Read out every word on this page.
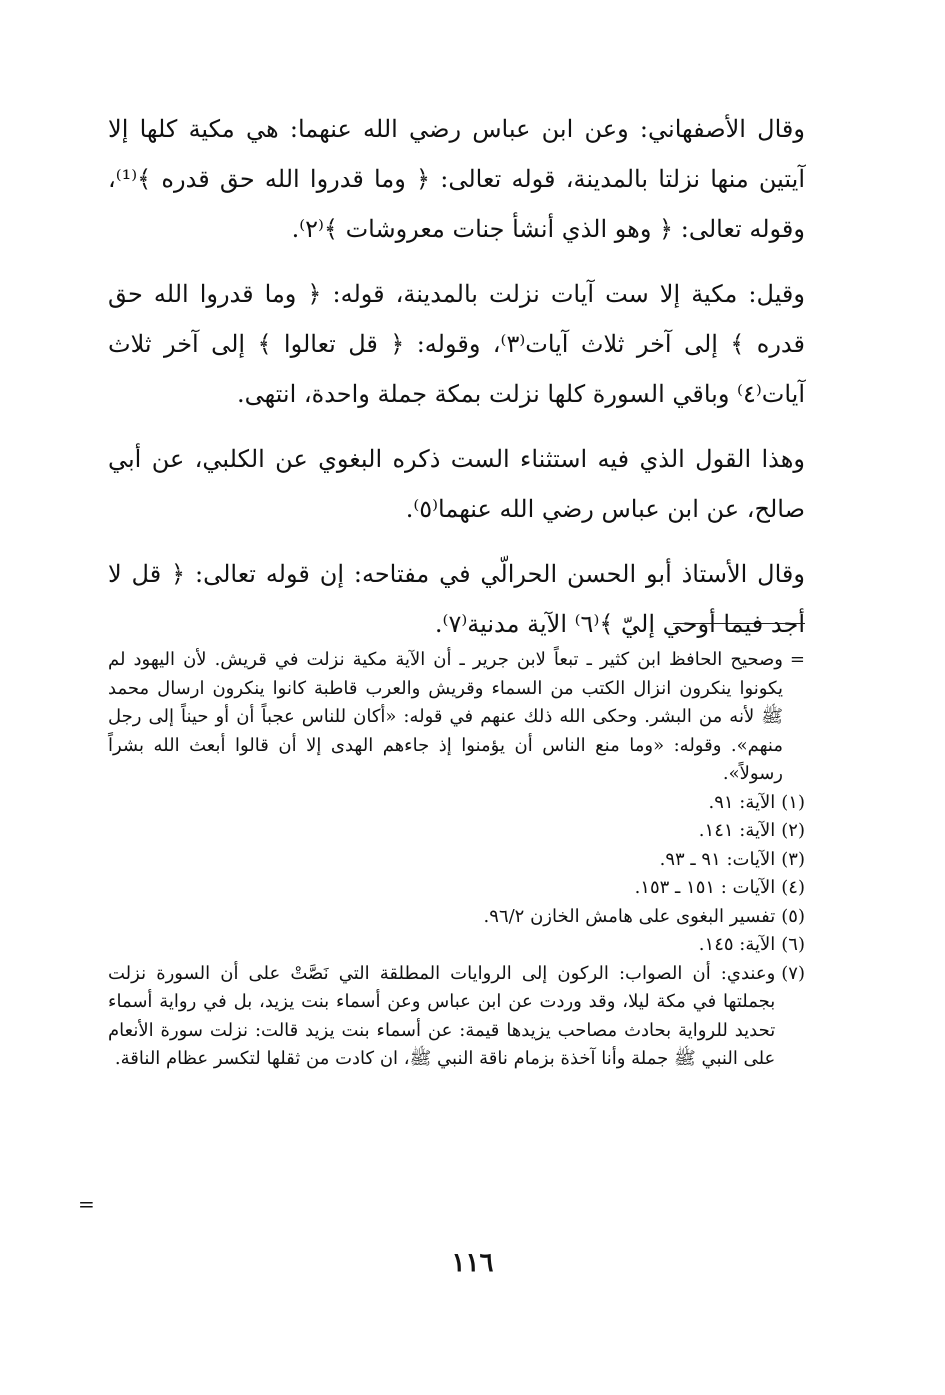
وقال الأصفهاني: وعن ابن عباس رضي الله عنهما: هي مكية كلها إلا آيتين منها نزلتا بالمدينة، قوله تعالى: ﴿ وما قدروا الله حق قدره ﴾⁽¹⁾، وقوله تعالى: ﴿ وهو الذي أنشأ جنات معروشات ﴾⁽٢⁾.

وقيل: مكية إلا ست آيات نزلت بالمدينة، قوله: ﴿ وما قدروا الله حق قدره ﴾ إلى آخر ثلاث آيات⁽٣⁾، وقوله: ﴿ قل تعالوا ﴾ إلى آخر ثلاث آيات⁽٤⁾ وباقي السورة كلها نزلت بمكة جملة واحدة، انتهى.

وهذا القول الذي فيه استثناء الست ذكره البغوي عن الكلبي، عن أبي صالح، عن ابن عباس رضي الله عنهما⁽٥⁾.

وقال الأستاذ أبو الحسن الحرالّي في مفتاحه: إن قوله تعالى: ﴿ قل لا أجد فيما أوحي إليّ ﴾⁽٦⁾ الآية مدنية⁽٧⁾.

=
وصحيح الحافظ ابن كثير ـ تبعاً لابن جرير ـ أن الآية مكية نزلت في قريش. لأن اليهود لم يكونوا ينكرون انزال الكتب من السماء وقريش والعرب قاطبة كانوا ينكرون ارسال محمد ﷺ لأنه من البشر. وحكى الله ذلك عنهم في قوله: «أكان للناس عجباً أن أو حيناً إلى رجل منهم». وقوله: «وما منع الناس أن يؤمنوا إذ جاءهم الهدى إلا أن قالوا أبعث الله بشراً رسولاً».
(١)
الآية: ٩١.
(٢)
الآية: ١٤١.
(٣)
الآيات: ٩١ ـ ٩٣.
(٤)
الآيات : ١٥١ ـ ١٥٣.
(٥)
تفسير البغوى على هامش الخازن ٩٦/٢.
(٦)
الآية: ١٤٥.
(٧)
وعندي: أن الصواب: الركون إلى الروايات المطلقة التي نَصَّتْ على أن السورة نزلت بجملتها في مكة ليلا، وقد وردت عن ابن عباس وعن أسماء بنت يزيد، بل في رواية أسماء تحديد للرواية بحادث مصاحب يزيدها قيمة: عن أسماء بنت يزيد قالت: نزلت سورة الأنعام على النبي ﷺ جملة وأنا آخذة بزمام ناقة النبي ﷺ، ان كادت من ثقلها لتكسر عظام الناقة.
=
١١٦
